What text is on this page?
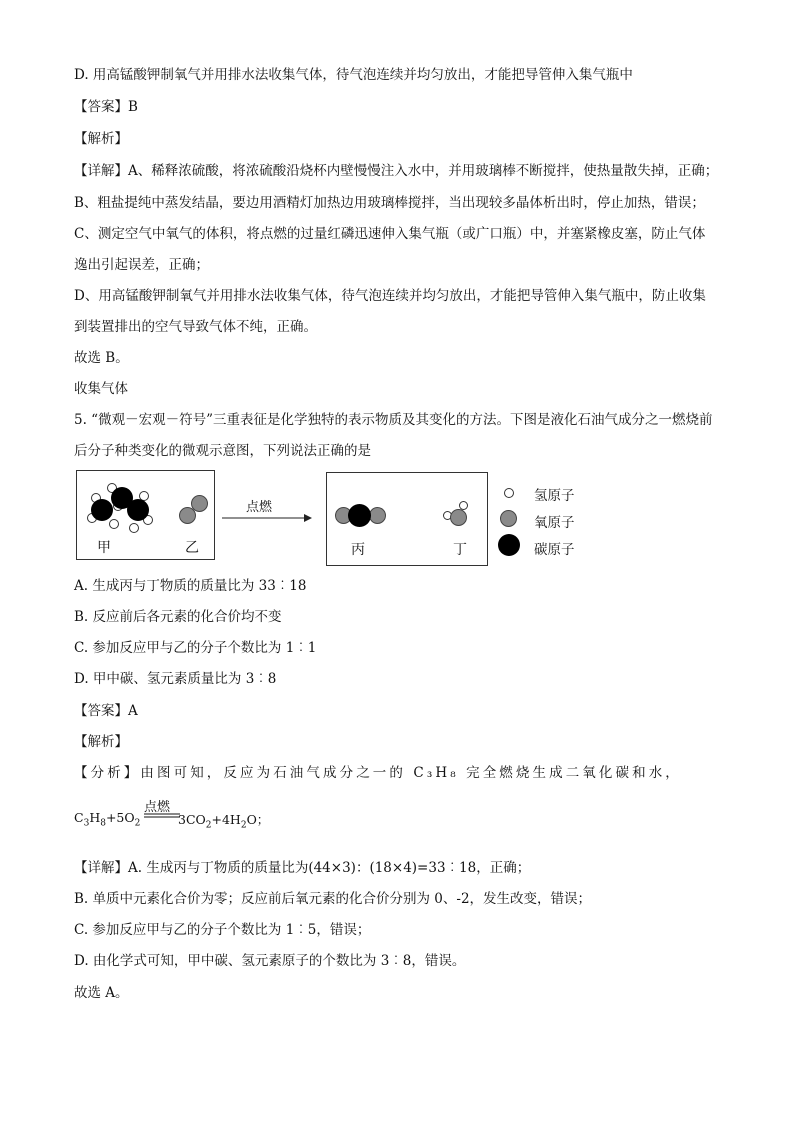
D. 用高锰酸钾制氧气并用排水法收集气体，待气泡连续并均匀放出，才能把导管伸入集气瓶中
【答案】B
【解析】
【详解】A、稀释浓硫酸，将浓硫酸沿烧杯内壁慢慢注入水中，并用玻璃棒不断搅拌，使热量散失掉，正确；
B、粗盐提纯中蒸发结晶，要边用酒精灯加热边用玻璃棒搅拌，当出现较多晶体析出时，停止加热，错误；
C、测定空气中氧气的体积，将点燃的过量红磷迅速伸入集气瓶（或广口瓶）中，并塞紧橡皮塞，防止气体
逸出引起误差，正确；
D、用高锰酸钾制氧气并用排水法收集气体，待气泡连续并均匀放出，才能把导管伸入集气瓶中，防止收集
到装置排出的空气导致气体不纯，正确。
故选 B。
收集气体
5. “微观－宏观－符号”三重表征是化学独特的表示物质及其变化的方法。下图是液化石油气成分之一燃烧前
后分子种类变化的微观示意图，下列说法正确的是
甲	乙
点燃
丙	丁
氢原子
氧原子
碳原子
A. 生成丙与丁物质的质量比为 33︰18
B. 反应前后各元素的化合价均不变
C. 参加反应甲与乙的分子个数比为 1︰1
D. 甲中碳、氢元素质量比为 3︰8
【答案】A
【解析】
【分析】由图可知，反应为石油气成分之一的 C₃H₈ 完全燃烧生成二氧化碳和水，
$C_3H_8+5O_2$
点燃
$3CO_2+4H_2O$；
【详解】A. 生成丙与丁物质的质量比为(44×3)：(18×4)=33︰18，正确；
B. 单质中元素化合价为零；反应前后氧元素的化合价分别为 0、-2，发生改变，错误；
C. 参加反应甲与乙的分子个数比为 1︰5，错误；
D. 由化学式可知，甲中碳、氢元素原子的个数比为 3︰8，错误。
故选 A。
